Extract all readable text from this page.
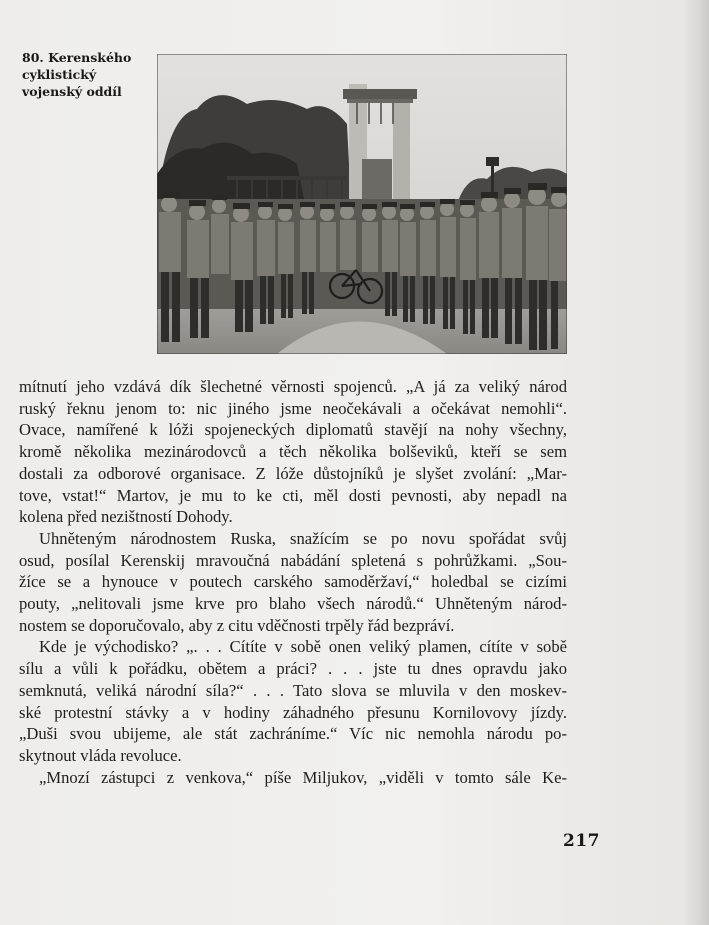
80. Kerenského
cyklistický
vojenský oddíl
mítnutí jeho vzdává dík šlechetné věrnosti spojenců. „A já za veliký národ
ruský řeknu jenom to: nic jiného jsme neočekávali a očekávat nemohli“.
Ovace, namířené k lóži spojeneckých diplomatů stavějí na nohy všechny,
kromě několika mezinárodovců a těch několika bolševiků, kteří se sem
dostali za odborové organisace. Z lóže důstojníků je slyšet zvolání: „Mar-
tove, vstat!“ Martov, je mu to ke cti, měl dosti pevnosti, aby nepadl na
kolena před nezištností Dohody.
Uhněteným národnostem Ruska, snažícím se po novu spořádat svůj
osud, posílal Kerenskij mravoučná nabádání spletená s pohrůžkami. „Sou-
žíce se a hynouce v poutech carského samoděržaví,“ holedbal se cizími
pouty, „nelitovali jsme krve pro blaho všech národů.“ Uhněteným národ-
nostem se doporučovalo, aby z citu vděčnosti trpěly řád bezpráví.
Kde je východisko? „. . . Cítíte v sobě onen veliký plamen, cítíte v sobě
sílu a vůli k pořádku, obětem a práci? . . . jste tu dnes opravdu jako
semknutá, veliká národní síla?“ . . . Tato slova se mluvila v den moskev-
ské protestní stávky a v hodiny záhadného přesunu Kornilovovy jízdy.
„Duši svou ubijeme, ale stát zachráníme.“ Víc nic nemohla národu po-
skytnout vláda revoluce.
„Mnozí zástupci z venkova,“ píše Miljukov, „viděli v tomto sále Ke-
217
